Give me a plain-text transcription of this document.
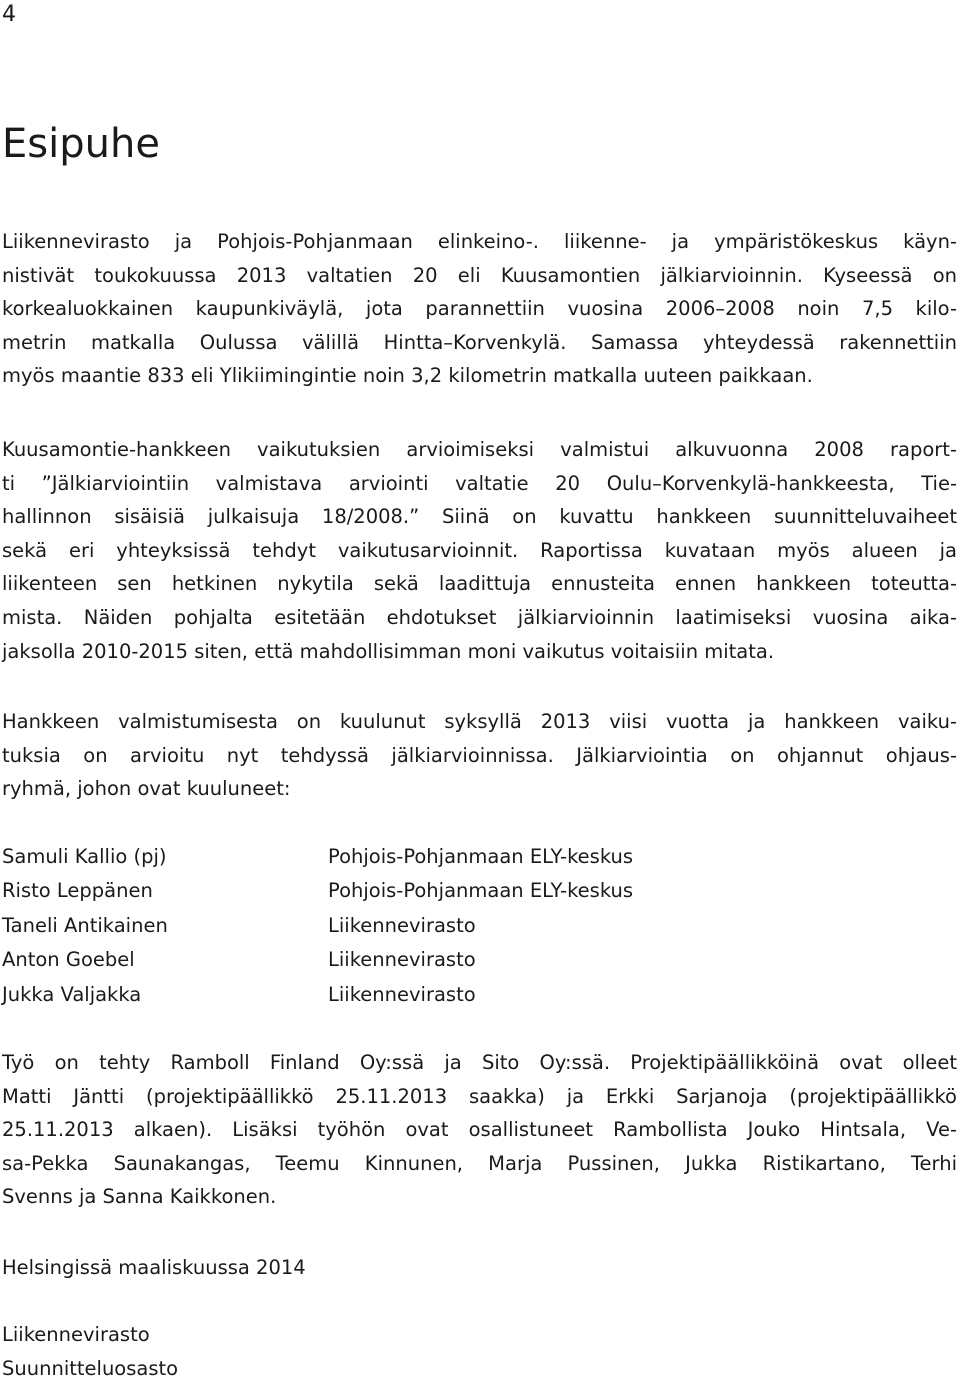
4
Esipuhe
Liikennevirasto ja Pohjois-Pohjanmaan elinkeino-. liikenne- ja ympäristökeskus käyn-
nistivät toukokuussa 2013 valtatien 20 eli Kuusamontien jälkiarvioinnin. Kyseessä on
korkealuokkainen kaupunkiväylä, jota parannettiin vuosina 2006–2008 noin 7,5 kilo-
metrin matkalla Oulussa välillä Hintta–Korvenkylä. Samassa yhteydessä rakennettiin
myös maantie 833 eli Ylikiimingintie noin 3,2 kilometrin matkalla uuteen paikkaan.
Kuusamontie-hankkeen vaikutuksien arvioimiseksi valmistui alkuvuonna 2008 raport-
ti ”Jälkiarviointiin valmistava arviointi valtatie 20 Oulu–Korvenkylä-hankkeesta, Tie-
hallinnon sisäisiä julkaisuja 18/2008.” Siinä on kuvattu hankkeen suunnitteluvaiheet
sekä eri yhteyksissä tehdyt vaikutusarvioinnit. Raportissa kuvataan myös alueen ja
liikenteen sen hetkinen nykytila sekä laadittuja ennusteita ennen hankkeen toteutta-
mista. Näiden pohjalta esitetään ehdotukset jälkiarvioinnin laatimiseksi vuosina aika-
jaksolla 2010-2015 siten, että mahdollisimman moni vaikutus voitaisiin mitata.
Hankkeen valmistumisesta on kuulunut syksyllä 2013 viisi vuotta ja hankkeen vaiku-
tuksia on arvioitu nyt tehdyssä jälkiarvioinnissa. Jälkiarviointia on ohjannut ohjaus-
ryhmä, johon ovat kuuluneet:
Samuli Kallio (pj)	Pohjois-Pohjanmaan ELY-keskus
Risto Leppänen	Pohjois-Pohjanmaan ELY-keskus
Taneli Antikainen	Liikennevirasto
Anton Goebel	Liikennevirasto
Jukka Valjakka	Liikennevirasto
Työ on tehty Ramboll Finland Oy:ssä ja Sito Oy:ssä. Projektipäällikköinä ovat olleet
Matti Jäntti (projektipäällikkö 25.11.2013 saakka) ja Erkki Sarjanoja (projektipäällikkö
25.11.2013 alkaen). Lisäksi työhön ovat osallistuneet Rambollista Jouko Hintsala, Ve-
sa-Pekka Saunakangas, Teemu Kinnunen, Marja Pussinen, Jukka Ristikartano, Terhi
Svenns ja Sanna Kaikkonen.

Helsingissä maaliskuussa 2014

Liikennevirasto

Suunnitteluosasto
